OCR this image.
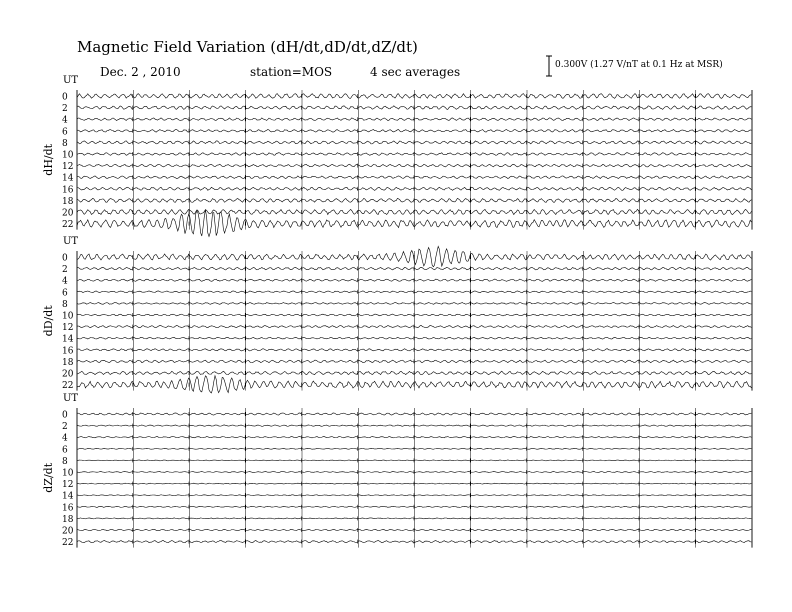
Magnetic Field Variation (dH/dt,dD/dt,dZ/dt)
Dec. 2 , 2010	station=MOS	4 sec averages	0.300V (1.27 V/nT at 0.1 Hz at MSR)
UT
dH/dt
0
2
4
6
8
10
12
14
16
18
20
22
UT
dD/dt
0
2
4
6
8
10
12
14
16
18
20
22
UT
dZ/dt
0
2
4
6
8
10
12
14
16
18
20
22
